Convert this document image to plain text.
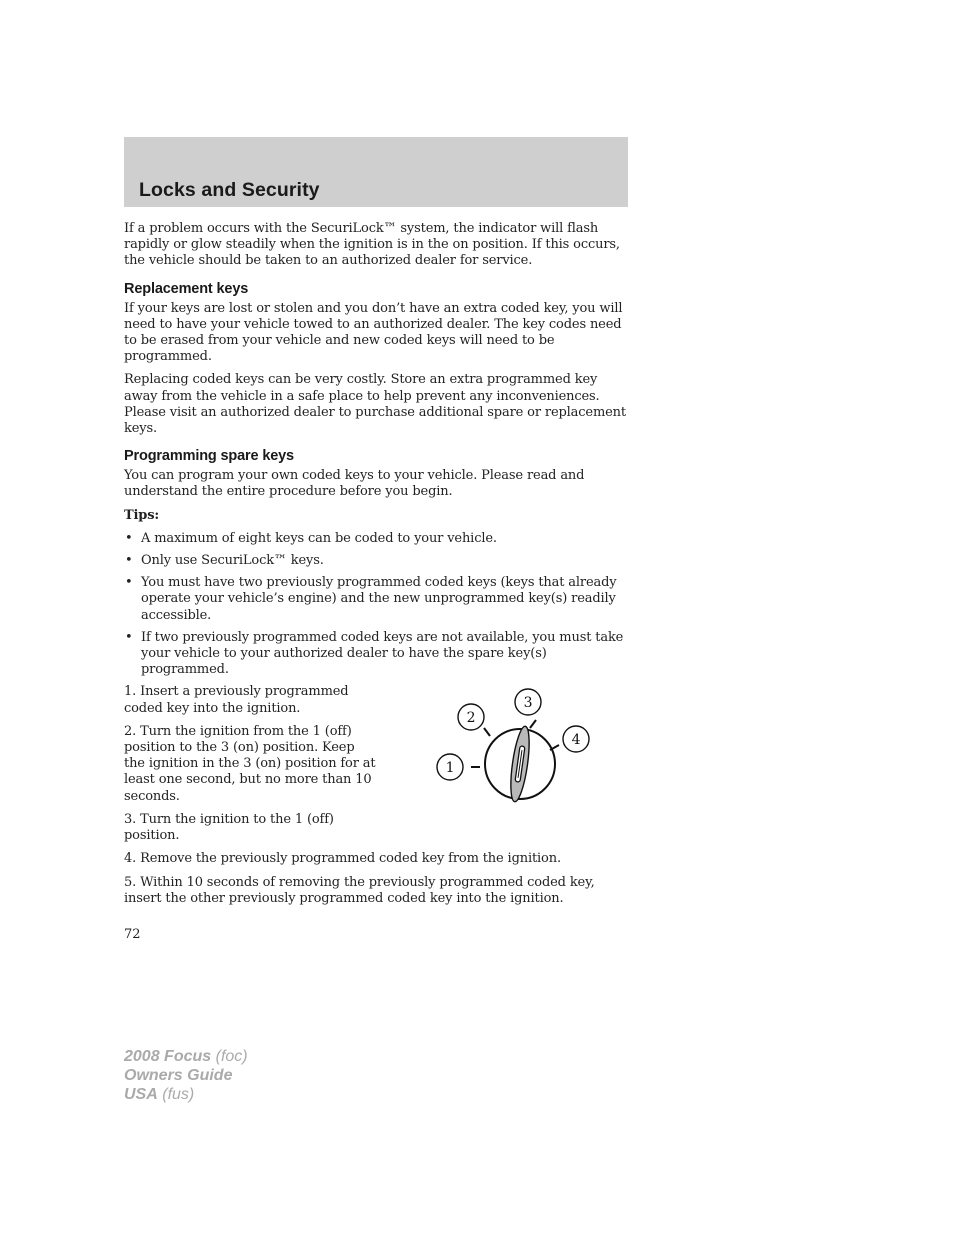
Locks and Security

If a problem occurs with the SecuriLock™ system, the indicator will flash rapidly or glow steadily when the ignition is in the on position. If this occurs, the vehicle should be taken to an authorized dealer for service.

Replacement keys

If your keys are lost or stolen and you don’t have an extra coded key, you will need to have your vehicle towed to an authorized dealer. The key codes need to be erased from your vehicle and new coded keys will need to be programmed.

Replacing coded keys can be very costly. Store an extra programmed key away from the vehicle in a safe place to help prevent any inconveniences. Please visit an authorized dealer to purchase additional spare or replacement keys.

Programming spare keys

You can program your own coded keys to your vehicle. Please read and understand the entire procedure before you begin.

Tips:

• A maximum of eight keys can be coded to your vehicle.
• Only use SecuriLock™ keys.
• You must have two previously programmed coded keys (keys that already operate your vehicle’s engine) and the new unprogrammed key(s) readily accessible.
• If two previously programmed coded keys are not available, you must take your vehicle to your authorized dealer to have the spare key(s) programmed.

1. Insert a previously programmed coded key into the ignition.

2. Turn the ignition from the 1 (off) position to the 3 (on) position. Keep the ignition in the 3 (on) position for at least one second, but no more than 10 seconds.

3. Turn the ignition to the 1 (off) position.

4. Remove the previously programmed coded key from the ignition.

5. Within 10 seconds of removing the previously programmed coded key, insert the other previously programmed coded key into the ignition.

1
2
3
4
72
2008 Focus (foc)
Owners Guide
USA (fus)
